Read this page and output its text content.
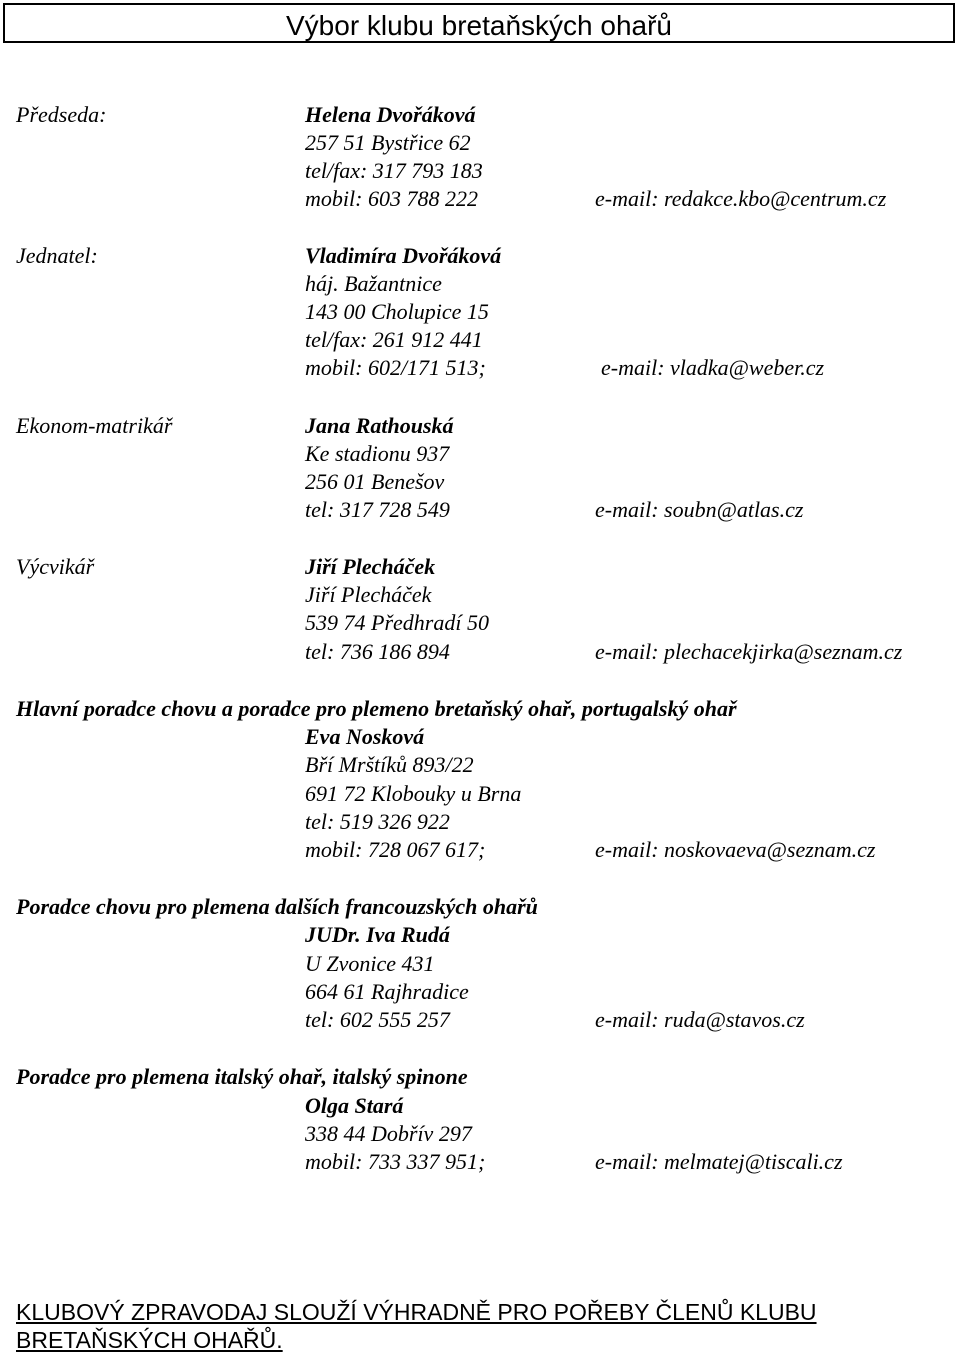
Výbor klubu bretaňských ohařů
Předseda:	Helena Dvořáková
257 51 Bystřice 62
tel/fax: 317 793 183
mobil: 603 788 222	e-mail: redakce.kbo@centrum.cz
Jednatel:	Vladimíra Dvořáková
háj. Bažantnice
143 00 Cholupice 15
tel/fax: 261 912 441
mobil: 602/171 513;	e-mail: vladka@weber.cz
Ekonom-matrikář	Jana Rathouská
Ke stadionu 937
256 01 Benešov
tel: 317 728 549	e-mail: soubn@atlas.cz
Výcvikář	Jiří Plecháček
Jiří Plecháček
539 74 Předhradí 50
tel: 736 186 894	e-mail: plechacekjirka@seznam.cz
Hlavní poradce chovu a poradce pro plemeno bretaňský ohař, portugalský ohař
Eva Nosková
Bří Mrštíků 893/22
691 72 Klobouky u Brna
tel: 519 326 922
mobil: 728 067 617;	e-mail: noskovaeva@seznam.cz
Poradce chovu pro plemena dalších francouzských ohařů
JUDr. Iva Rudá
U Zvonice 431
664 61 Rajhradice
tel: 602 555 257	e-mail: ruda@stavos.cz
Poradce pro plemena italský ohař, italský spinone
Olga Stará
338 44 Dobřív 297
mobil: 733 337 951;	e-mail: melmatej@tiscali.cz
KLUBOVÝ ZPRAVODAJ SLOUŽÍ VÝHRADNĚ PRO POŘEBY ČLENŮ KLUBU BRETAŇSKÝCH OHAŘŮ.
